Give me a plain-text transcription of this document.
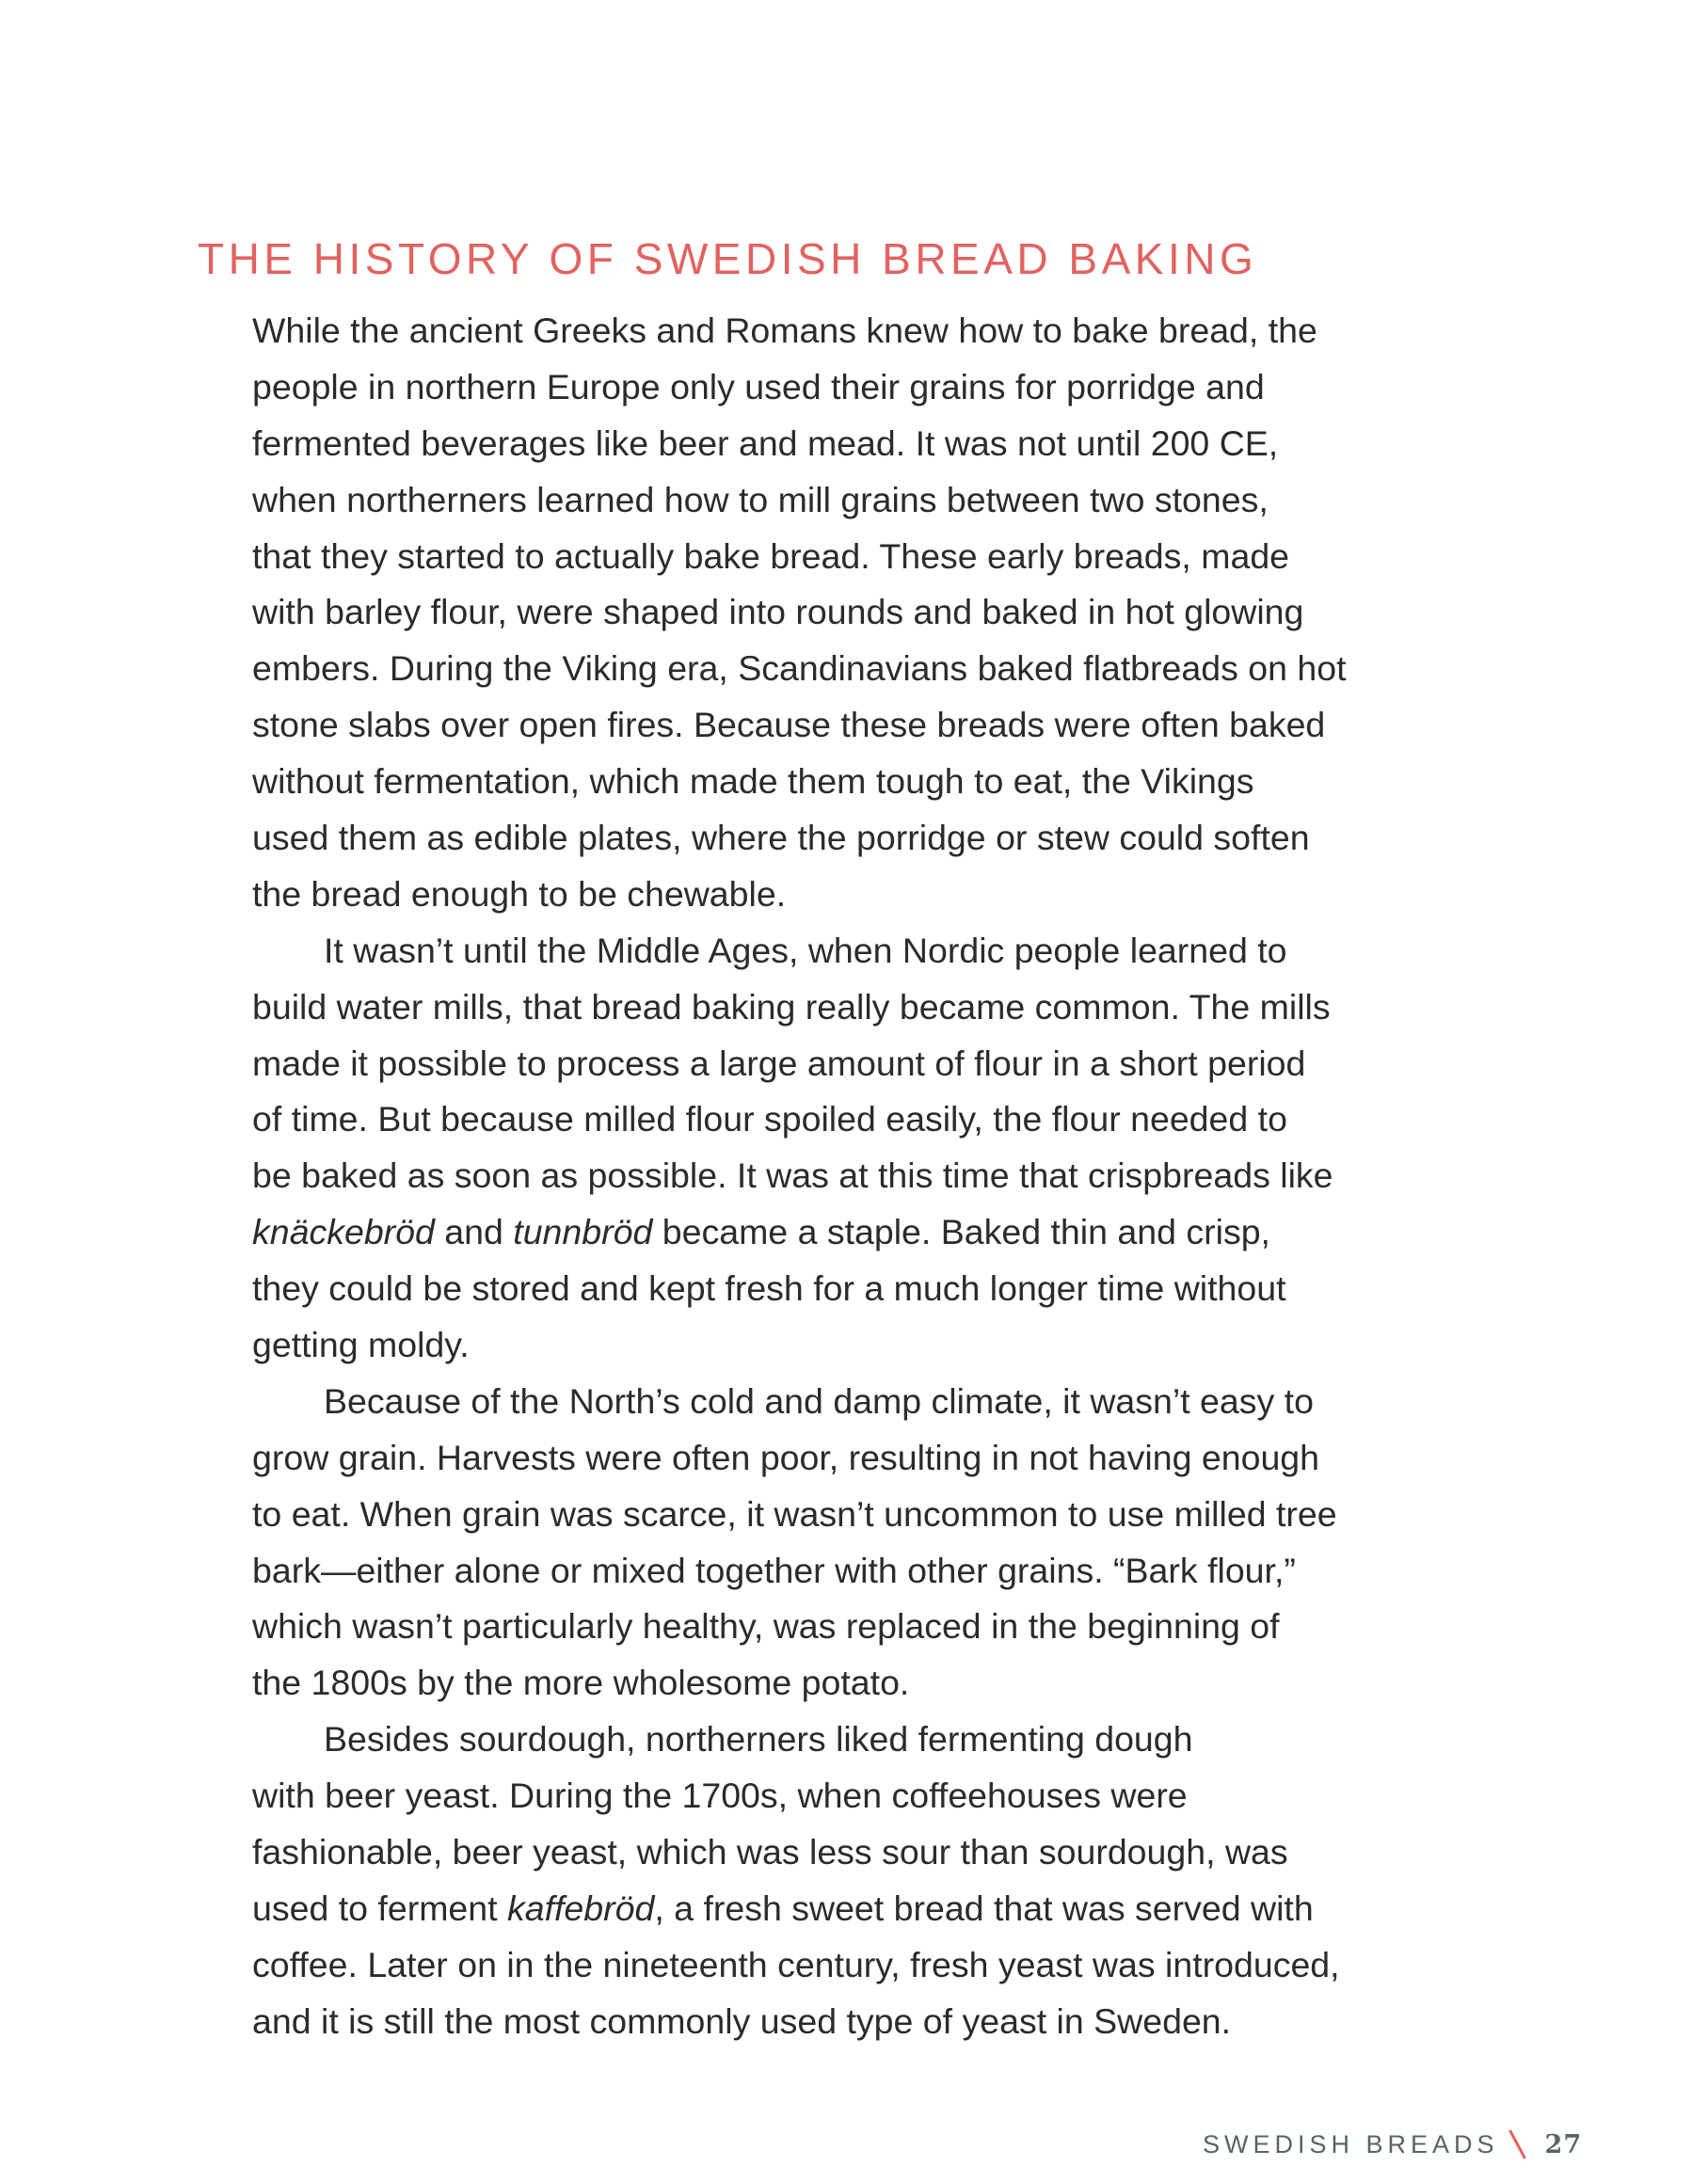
THE HISTORY OF SWEDISH BREAD BAKING
While the ancient Greeks and Romans knew how to bake bread, the
people in northern Europe only used their grains for porridge and
fermented beverages like beer and mead. It was not until 200 CE,
when northerners learned how to mill grains between two stones,
that they started to actually bake bread. These early breads, made
with barley flour, were shaped into rounds and baked in hot glowing
embers. During the Viking era, Scandinavians baked flatbreads on hot
stone slabs over open fires. Because these breads were often baked
without fermentation, which made them tough to eat, the Vikings
used them as edible plates, where the porridge or stew could soften
the bread enough to be chewable.
It wasn’t until the Middle Ages, when Nordic people learned to
build water mills, that bread baking really became common. The mills
made it possible to process a large amount of flour in a short period
of time. But because milled flour spoiled easily, the flour needed to
be baked as soon as possible. It was at this time that crispbreads like
knäckebröd and tunnbröd became a staple. Baked thin and crisp,
they could be stored and kept fresh for a much longer time without
getting moldy.
Because of the North’s cold and damp climate, it wasn’t easy to
grow grain. Harvests were often poor, resulting in not having enough
to eat. When grain was scarce, it wasn’t uncommon to use milled tree
bark—either alone or mixed together with other grains. “Bark flour,”
which wasn’t particularly healthy, was replaced in the beginning of
the 1800s by the more wholesome potato.
Besides sourdough, northerners liked fermenting dough
with beer yeast. During the 1700s, when coffeehouses were
fashionable, beer yeast, which was less sour than sourdough, was
used to ferment kaffebröd, a fresh sweet bread that was served with
coffee. Later on in the nineteenth century, fresh yeast was introduced,
and it is still the most commonly used type of yeast in Sweden.
SWEDISH BREADS 27
